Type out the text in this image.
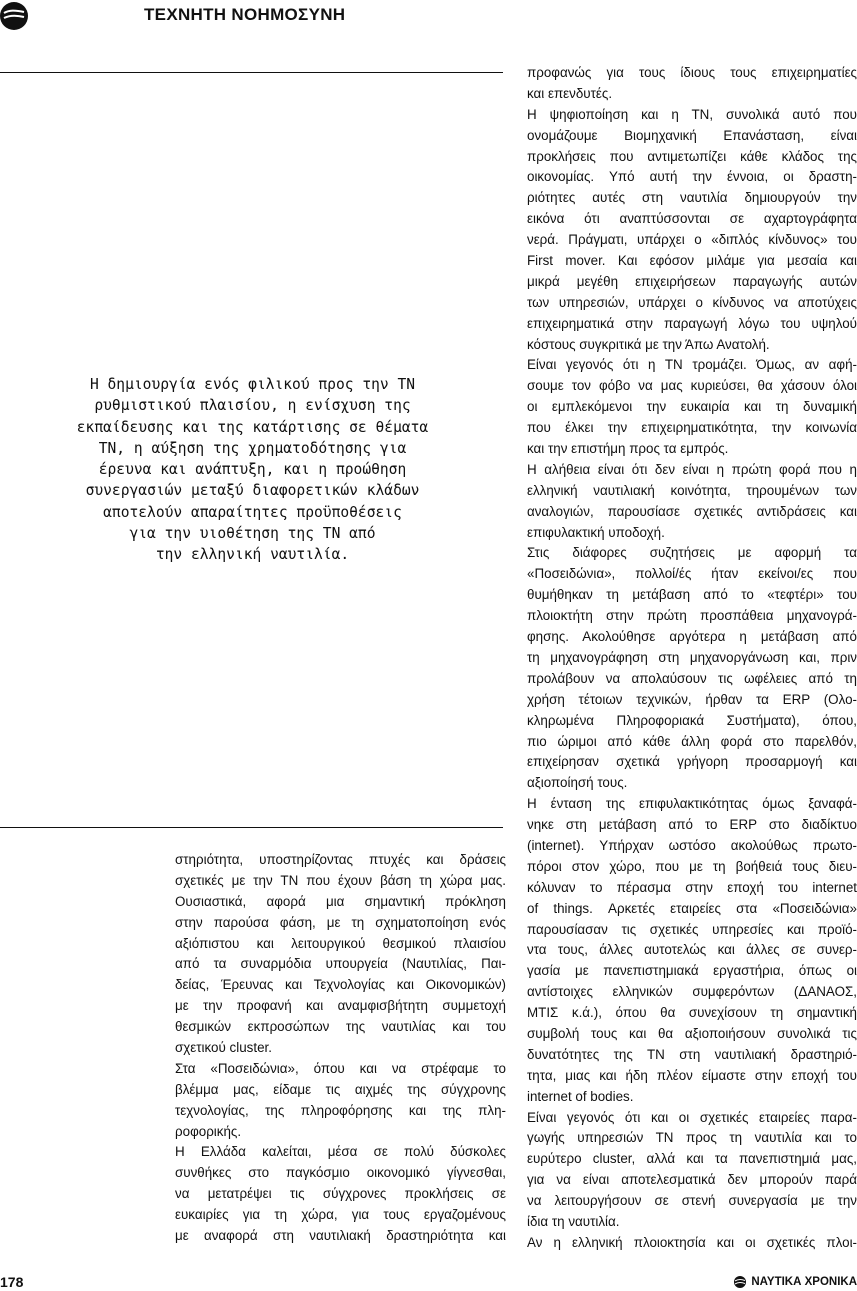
ΤΕΧΝΗΤΗ ΝΟΗΜΟΣΥΝΗ
Η δημιουργία ενός φιλικού προς την ΤΝ
ρυθμιστικού πλαισίου, η ενίσχυση της
εκπαίδευσης και της κατάρτισης σε θέματα
ΤΝ, η αύξηση της χρηματοδότησης για
έρευνα και ανάπτυξη, και η προώθηση
συνεργασιών μεταξύ διαφορετικών κλάδων
αποτελούν απαραίτητες προϋποθέσεις
για την υιοθέτηση της ΤΝ από
την ελληνική ναυτιλία.
στηριότητα, υποστηρίζοντας πτυχές και δράσεις
σχετικές με την ΤΝ που έχουν βάση τη χώρα μας.
Ουσιαστικά, αφορά μια σημαντική πρόκληση
στην παρούσα φάση, με τη σχηματοποίηση ενός
αξιόπιστου και λειτουργικού θεσμικού πλαισίου
από τα συναρμόδια υπουργεία (Ναυτιλίας, Παι-
δείας, Έρευνας και Τεχνολογίας και Οικονομικών)
με την προφανή και αναμφισβήτητη συμμετοχή
θεσμικών εκπροσώπων της ναυτιλίας και του
σχετικού cluster.
Στα «Ποσειδώνια», όπου και να στρέφαμε το
βλέμμα μας, είδαμε τις αιχμές της σύγχρονης
τεχνολογίας, της πληροφόρησης και της πλη-
ροφορικής.
Η Ελλάδα καλείται, μέσα σε πολύ δύσκολες
συνθήκες στο παγκόσμιο οικονομικό γίγνεσθαι,
να μετατρέψει τις σύγχρονες προκλήσεις σε
ευκαιρίες για τη χώρα, για τους εργαζομένους
με αναφορά στη ναυτιλιακή δραστηριότητα και
προφανώς για τους ίδιους τους επιχειρηματίες
και επενδυτές.
Η ψηφιοποίηση και η ΤΝ, συνολικά αυτό που
ονομάζουμε Βιομηχανική Επανάσταση, είναι
προκλήσεις που αντιμετωπίζει κάθε κλάδος της
οικονομίας. Υπό αυτή την έννοια, οι δραστη-
ριότητες αυτές στη ναυτιλία δημιουργούν την
εικόνα ότι αναπτύσσονται σε αχαρτογράφητα
νερά. Πράγματι, υπάρχει ο «διπλός κίνδυνος» του
First mover. Και εφόσον μιλάμε για μεσαία και
μικρά μεγέθη επιχειρήσεων παραγωγής αυτών
των υπηρεσιών, υπάρχει ο κίνδυνος να αποτύχεις
επιχειρηματικά στην παραγωγή λόγω του υψηλού
κόστους συγκριτικά με την Άπω Ανατολή.
Είναι γεγονός ότι η ΤΝ τρομάζει. Όμως, αν αφή-
σουμε τον φόβο να μας κυριεύσει, θα χάσουν όλοι
οι εμπλεκόμενοι την ευκαιρία και τη δυναμική
που έλκει την επιχειρηματικότητα, την κοινωνία
και την επιστήμη προς τα εμπρός.
Η αλήθεια είναι ότι δεν είναι η πρώτη φορά που η
ελληνική ναυτιλιακή κοινότητα, τηρουμένων των
αναλογιών, παρουσίασε σχετικές αντιδράσεις και
επιφυλακτική υποδοχή.
Στις διάφορες συζητήσεις με αφορμή τα
«Ποσειδώνια», πολλοί/ές ήταν εκείνοι/ες που
θυμήθηκαν τη μετάβαση από το «τεφτέρι» του
πλοιοκτήτη στην πρώτη προσπάθεια μηχανογρά-
φησης. Ακολούθησε αργότερα η μετάβαση από
τη μηχανογράφηση στη μηχανοργάνωση και, πριν
προλάβουν να απολαύσουν τις ωφέλειες από τη
χρήση τέτοιων τεχνικών, ήρθαν τα ERP (Ολο-
κληρωμένα Πληροφοριακά Συστήματα), όπου,
πιο ώριμοι από κάθε άλλη φορά στο παρελθόν,
επιχείρησαν σχετικά γρήγορη προσαρμογή και
αξιοποίησή τους.
Η ένταση της επιφυλακτικότητας όμως ξαναφά-
νηκε στη μετάβαση από το ERP στο διαδίκτυο
(internet). Υπήρχαν ωστόσο ακολούθως πρωτο-
πόροι στον χώρο, που με τη βοήθειά τους διευ-
κόλυναν το πέρασμα στην εποχή του internet
of things. Αρκετές εταιρείες στα «Ποσειδώνια»
παρουσίασαν τις σχετικές υπηρεσίες και προϊό-
ντα τους, άλλες αυτοτελώς και άλλες σε συνερ-
γασία με πανεπιστημιακά εργαστήρια, όπως οι
αντίστοιχες ελληνικών συμφερόντων (ΔΑΝΑΟΣ,
ΜΤΙΣ κ.ά.), όπου θα συνεχίσουν τη σημαντική
συμβολή τους και θα αξιοποιήσουν συνολικά τις
δυνατότητες της ΤΝ στη ναυτιλιακή δραστηριό-
τητα, μιας και ήδη πλέον είμαστε στην εποχή του
internet of bodies.
Είναι γεγονός ότι και οι σχετικές εταιρείες παρα-
γωγής υπηρεσιών ΤΝ προς τη ναυτιλία και το
ευρύτερο cluster, αλλά και τα πανεπιστημιά μας,
για να είναι αποτελεσματικά δεν μπορούν παρά
να λειτουργήσουν σε στενή συνεργασία με την
ίδια τη ναυτιλία.
Αν η ελληνική πλοιοκτησία και οι σχετικές πλοι-
178	ΝΑΥΤΙΚΑ ΧΡΟΝΙΚΑ
